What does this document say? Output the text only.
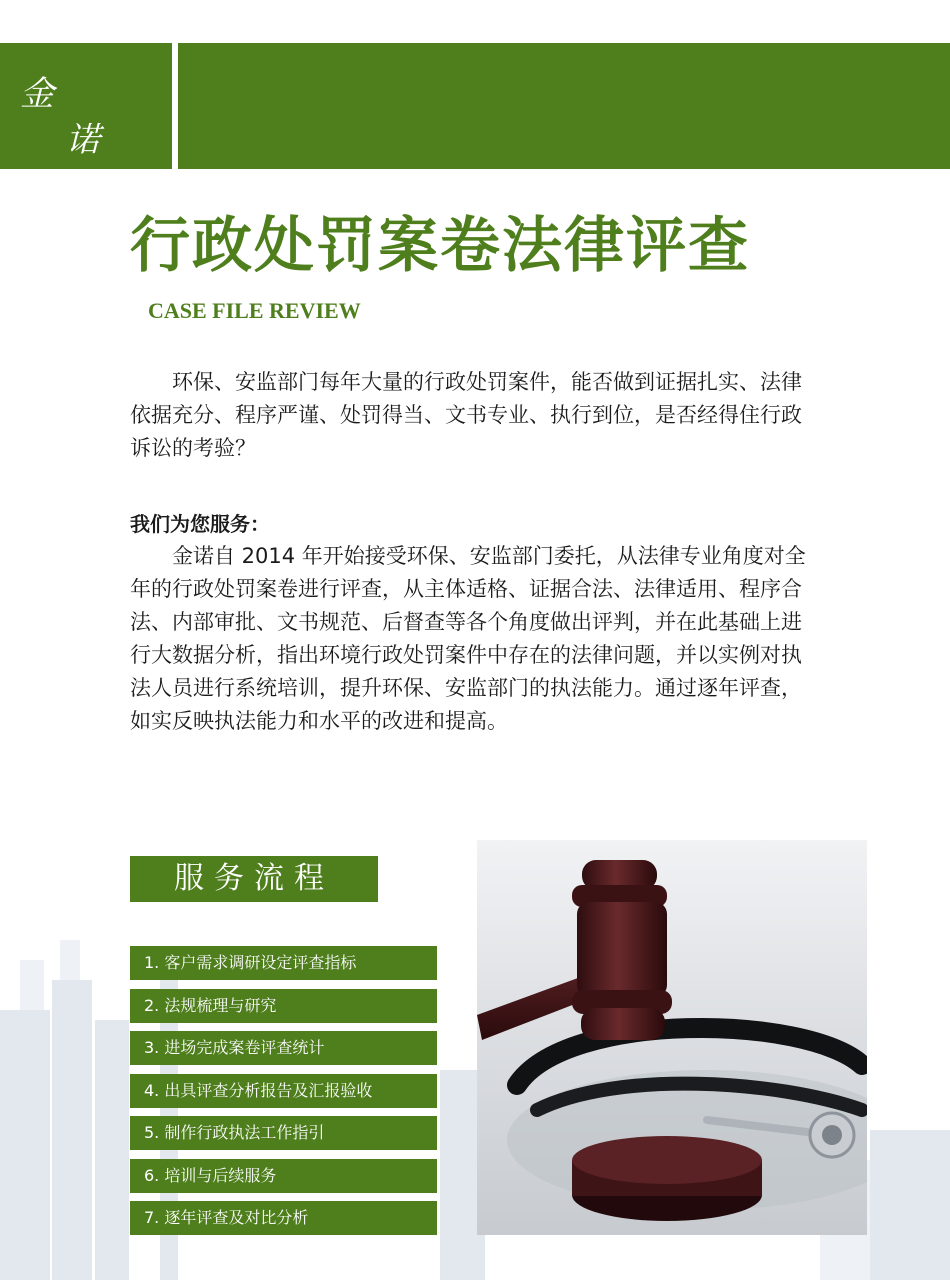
金
诺
行政处罚案卷法律评查
CASE FILE REVIEW

环保、安监部门每年大量的行政处罚案件，能否做到证据扎实、法律依据充分、程序严谨、处罚得当、文书专业、执行到位，是否经得住行政诉讼的考验？

我们为您服务：

金诺自 2014 年开始接受环保、安监部门委托，从法律专业角度对全年的行政处罚案卷进行评查，从主体适格、证据合法、法律适用、程序合法、内部审批、文书规范、后督查等各个角度做出评判，并在此基础上进行大数据分析，指出环境行政处罚案件中存在的法律问题，并以实例对执法人员进行系统培训，提升环保、安监部门的执法能力。通过逐年评查，如实反映执法能力和水平的改进和提高。

服务流程
1. 客户需求调研设定评查指标
2. 法规梳理与研究
3. 进场完成案卷评查统计
4. 出具评查分析报告及汇报验收
5. 制作行政执法工作指引
6. 培训与后续服务
7. 逐年评查及对比分析
